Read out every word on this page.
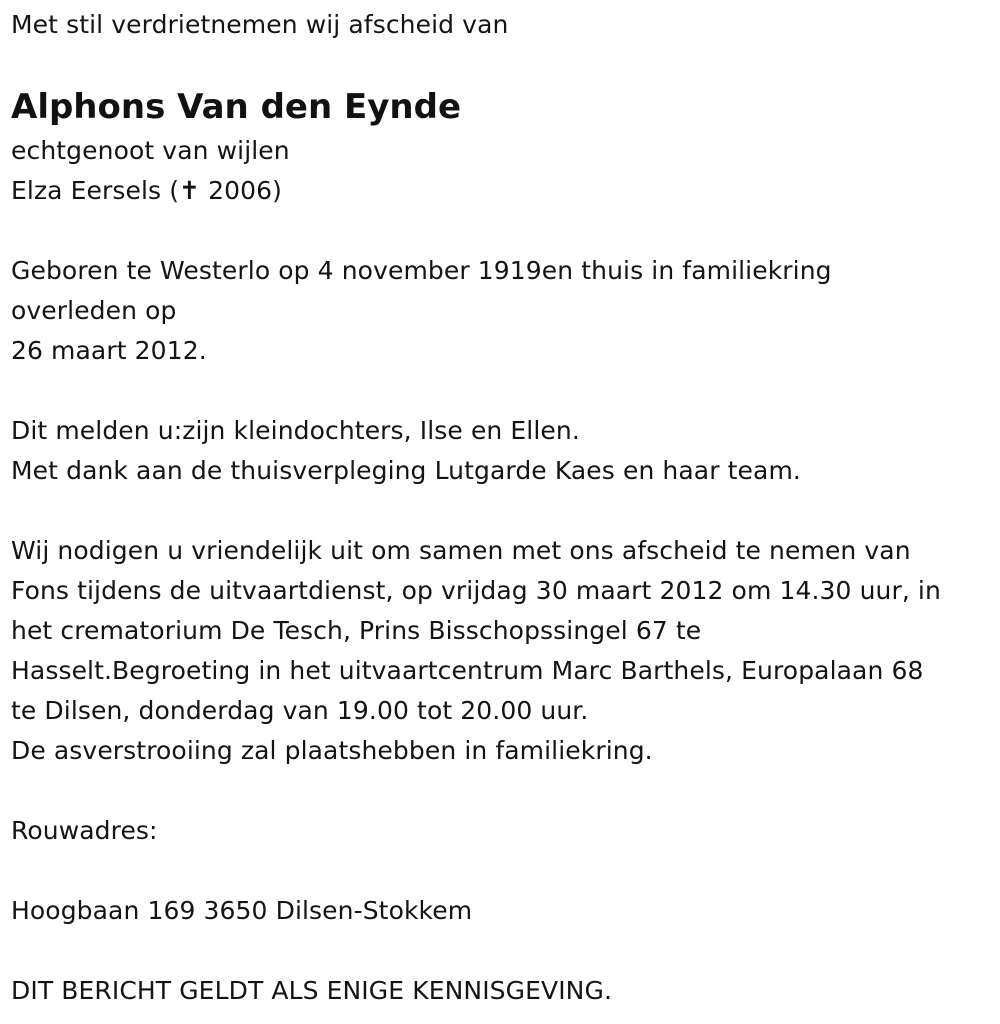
Met stil verdrietnemen wij afscheid van
Alphons Van den Eynde
echtgenoot van wijlen
Elza Eersels (✝ 2006)
Geboren te Westerlo op 4 november 1919en thuis in familiekring
overleden op
26 maart 2012.
Dit melden u:zijn kleindochters, Ilse en Ellen.
Met dank aan de thuisverpleging Lutgarde Kaes en haar team.
Wij nodigen u vriendelijk uit om samen met ons afscheid te nemen van
Fons tijdens de uitvaartdienst, op vrijdag 30 maart 2012 om 14.30 uur, in
het crematorium De Tesch, Prins Bisschopssingel 67 te
Hasselt.Begroeting in het uitvaartcentrum Marc Barthels, Europalaan 68
te Dilsen, donderdag van 19.00 tot 20.00 uur.
De asverstrooiing zal plaatshebben in familiekring.
Rouwadres:
Hoogbaan 169 3650 Dilsen-Stokkem
DIT BERICHT GELDT ALS ENIGE KENNISGEVING.
